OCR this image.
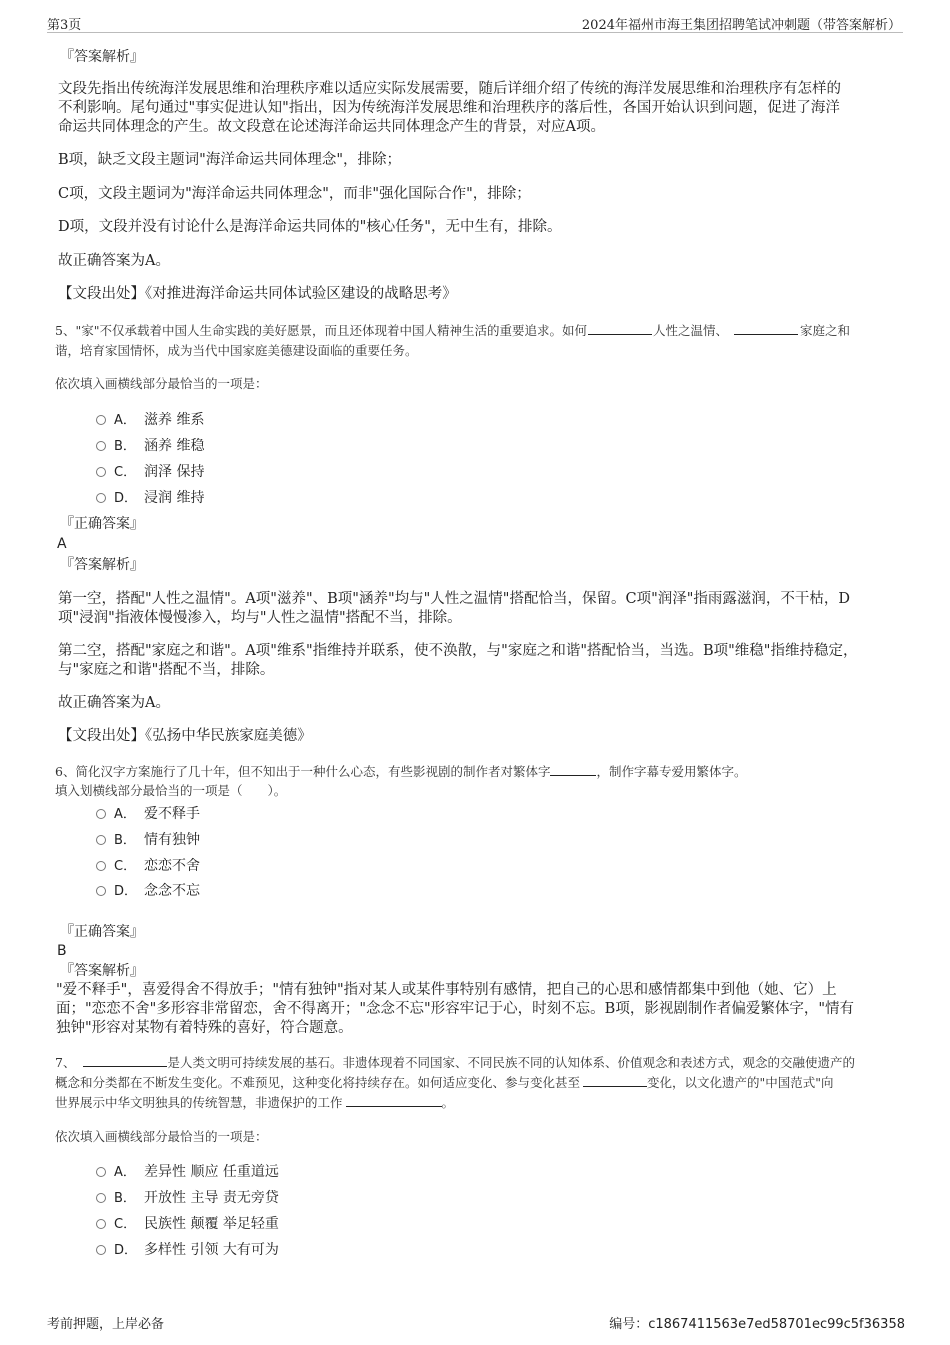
第3页	2024年福州市海王集团招聘笔试冲刺题（带答案解析）
『答案解析』
文段先指出传统海洋发展思维和治理秩序难以适应实际发展需要，随后详细介绍了传统的海洋发展思维和治理秩序有怎样的
不利影响。尾句通过"事实促进认知"指出，因为传统海洋发展思维和治理秩序的落后性，各国开始认识到问题，促进了海洋
命运共同体理念的产生。故文段意在论述海洋命运共同体理念产生的背景，对应A项。
B项，缺乏文段主题词"海洋命运共同体理念"，排除；
C项，文段主题词为"海洋命运共同体理念"，而非"强化国际合作"，排除；
D项，文段并没有讨论什么是海洋命运共同体的"核心任务"，无中生有，排除。
故正确答案为A。
【文段出处】《对推进海洋命运共同体试验区建设的战略思考》
5、"家"不仅承载着中国人生命实践的美好愿景，而且还体现着中国人精神生活的重要追求。如何	人性之温情、	家庭之和
谐，培育家国情怀，成为当代中国家庭美德建设面临的重要任务。
依次填入画横线部分最恰当的一项是：
A． 滋养 维系
B． 涵养 维稳
C． 润泽 保持
D． 浸润 维持
『正确答案』
A
『答案解析』
第一空，搭配"人性之温情"。A项"滋养"、B项"涵养"均与"人性之温情"搭配恰当，保留。C项"润泽"指雨露滋润，不干枯，D
项"浸润"指液体慢慢渗入，均与"人性之温情"搭配不当，排除。
第二空，搭配"家庭之和谐"。A项"维系"指维持并联系，使不涣散，与"家庭之和谐"搭配恰当，当选。B项"维稳"指维持稳定，
与"家庭之和谐"搭配不当，排除。
故正确答案为A。
【文段出处】《弘扬中华民族家庭美德》
6、简化汉字方案施行了几十年，但不知出于一种什么心态，有些影视剧的制作者对繁体字	，制作字幕专爱用繁体字。
填入划横线部分最恰当的一项是（　　）。
A． 爱不释手
B． 情有独钟
C． 恋恋不舍
D． 念念不忘
『正确答案』
B
『答案解析』
"爱不释手"，喜爱得舍不得放手；"情有独钟"指对某人或某件事特别有感情，把自己的心思和感情都集中到他（她、它）上
面；"恋恋不舍"多形容非常留恋，舍不得离开；"念念不忘"形容牢记于心，时刻不忘。B项，影视剧制作者偏爱繁体字，"情有
独钟"形容对某物有着特殊的喜好，符合题意。
7、	是人类文明可持续发展的基石。非遗体现着不同国家、不同民族不同的认知体系、价值观念和表述方式，观念的交融使遗产的
概念和分类都在不断发生变化。不难预见，这种变化将持续存在。如何适应变化、参与变化甚至	变化，以文化遗产的"中国范式"向
世界展示中华文明独具的传统智慧，非遗保护的工作	。
依次填入画横线部分最恰当的一项是：
A． 差异性 顺应 任重道远
B． 开放性 主导 责无旁贷
C． 民族性 颠覆 举足轻重
D． 多样性 引领 大有可为
考前押题，上岸必备	编号：c1867411563e7ed58701ec99c5f36358
